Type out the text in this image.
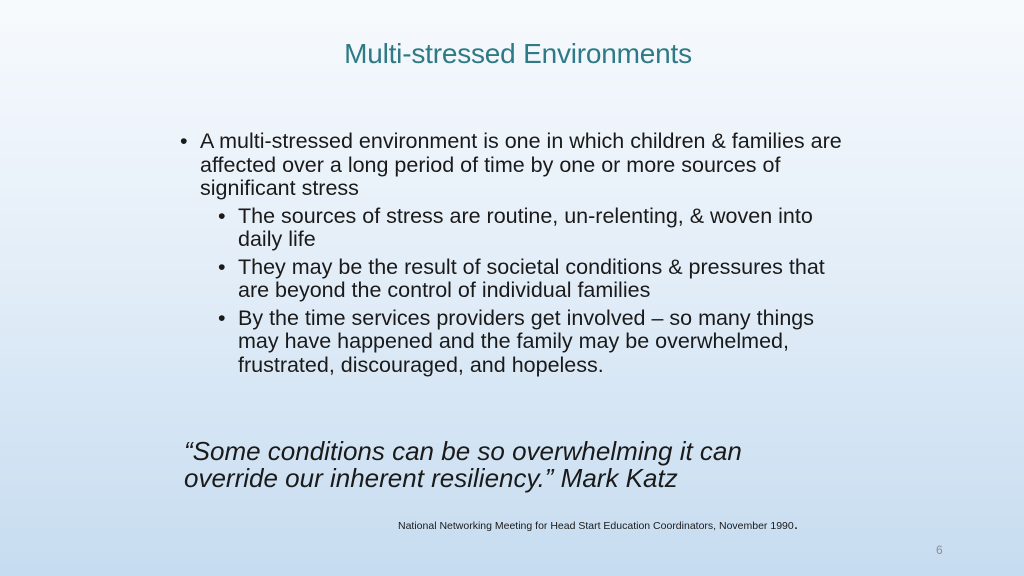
Multi-stressed Environments
• A multi-stressed environment is one in which children & families are affected over a long period of time by one or more sources of significant stress
• The sources of stress are routine, un-relenting, & woven into daily life
• They may be the result of societal conditions & pressures that are beyond the control of individual families
• By the time services providers get involved – so many things may have happened and the family may be overwhelmed, frustrated, discouraged, and hopeless.
“Some conditions can be so overwhelming it can
override our inherent resiliency.” Mark Katz
National Networking Meeting for Head Start Education Coordinators, November 1990.
6
